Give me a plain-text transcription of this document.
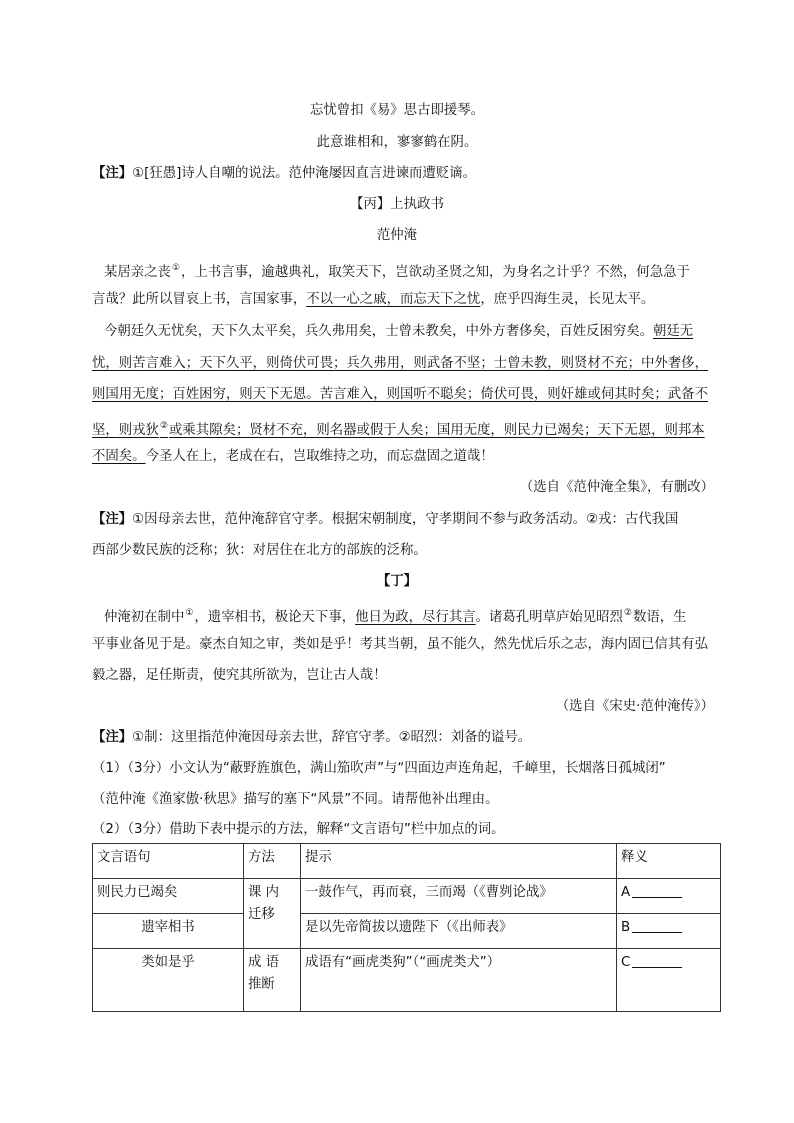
忘忧曾扣《易》思古即援琴。
此意谁相和，寥寥鹤在阴。
【注】①[狂愚]诗人自嘲的说法。范仲淹屡因直言进谏而遭贬谪。
【丙】上执政书
范仲淹
某居亲之丧①，上书言事，逾越典礼，取笑天下，岂欲动圣贤之知，为身名之计乎？不然，何急急于
言哉？此所以冒哀上书，言国家事，不以一心之戚，而忘天下之忧，庶乎四海生灵，长见太平。
今朝廷久无忧矣，天下久太平矣，兵久弗用矣，士曾未教矣，中外方奢侈矣，百姓反困穷矣。朝廷无
忧，则苦言难入；天下久平，则倚伏可畏；兵久弗用，则武备不坚；士曾未教，则贤材不充；中外奢侈，
则国用无度；百姓困穷，则天下无恩。苦言难入，则国听不聪矣；倚伏可畏，则奸雄或伺其时矣；武备不
坚，则戎狄②或乘其隙矣；贤材不充，则名器或假于人矣；国用无度，则民力已竭矣；天下无恩，则邦本
不固矣。今圣人在上，老成在右，岂取维持之功，而忘盘固之道哉！
（选自《范仲淹全集》，有删改）
【注】①因母亲去世，范仲淹辞官守孝。根据宋朝制度，守孝期间不参与政务活动。②戎：古代我国
西部少数民族的泛称；狄：对居住在北方的部族的泛称。
【丁】
仲淹初在制中①，遗宰相书，极论天下事，他日为政，尽行其言。诸葛孔明草庐始见昭烈②数语，生
平事业备见于是。豪杰自知之审，类如是乎！考其当朝，虽不能久，然先忧后乐之志，海内固已信其有弘
毅之器，足任斯责，使究其所欲为，岂让古人哉！
（选自《宋史·范仲淹传》）
【注】①制：这里指范仲淹因母亲去世，辞官守孝。②昭烈：刘备的谥号。
（1）（3分）小文认为“蔽野旌旗色，满山笳吹声”与“四面边声连角起，千嶂里，长烟落日孤城闭”
（范仲淹《渔家傲·秋思》描写的塞下“风景”不同。请帮他补出理由。
（2）（3分）借助下表中提示的方法，解释“文言语句”栏中加点的词。
文言语句	方法	提示	释义
则民力已竭矣	课 内 迁移	一鼓作气，再而衰，三而竭（《曹刿论战》	A
遗宰相书		是以先帝简拔以遗陛下（《出师表》	B
类如是乎	成 语 推断	成语有“画虎类狗”（“画虎类犬”）	C
